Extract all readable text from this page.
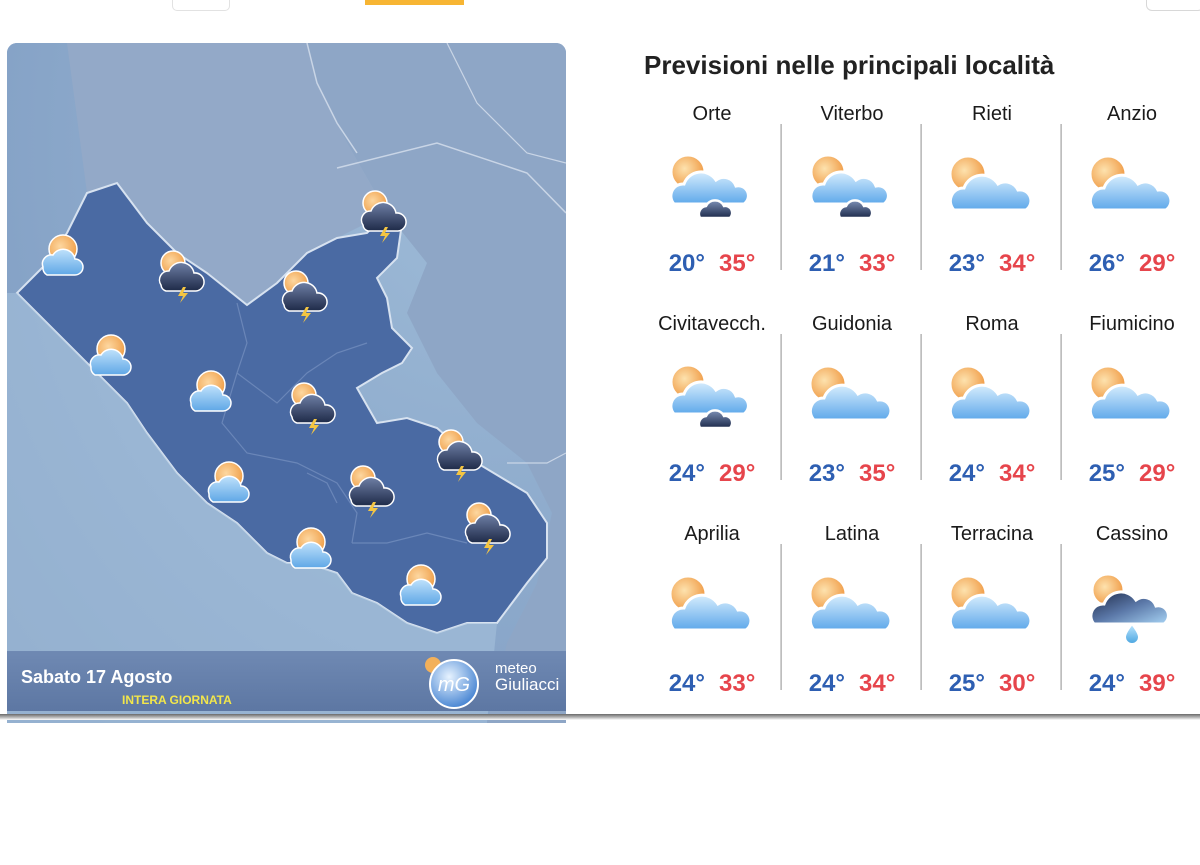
Sabato 17 Agosto
INTERA GIORNATA
mG
meteo
Giuliacci
Previsioni nelle principali località
Orte
20° 35°
Viterbo
21° 33°
Rieti
23° 34°
Anzio
26° 29°
Civitavecch.
24° 29°
Guidonia
23° 35°
Roma
24° 34°
Fiumicino
25° 29°
Aprilia
24° 33°
Latina
24° 34°
Terracina
25° 30°
Cassino
24° 39°
